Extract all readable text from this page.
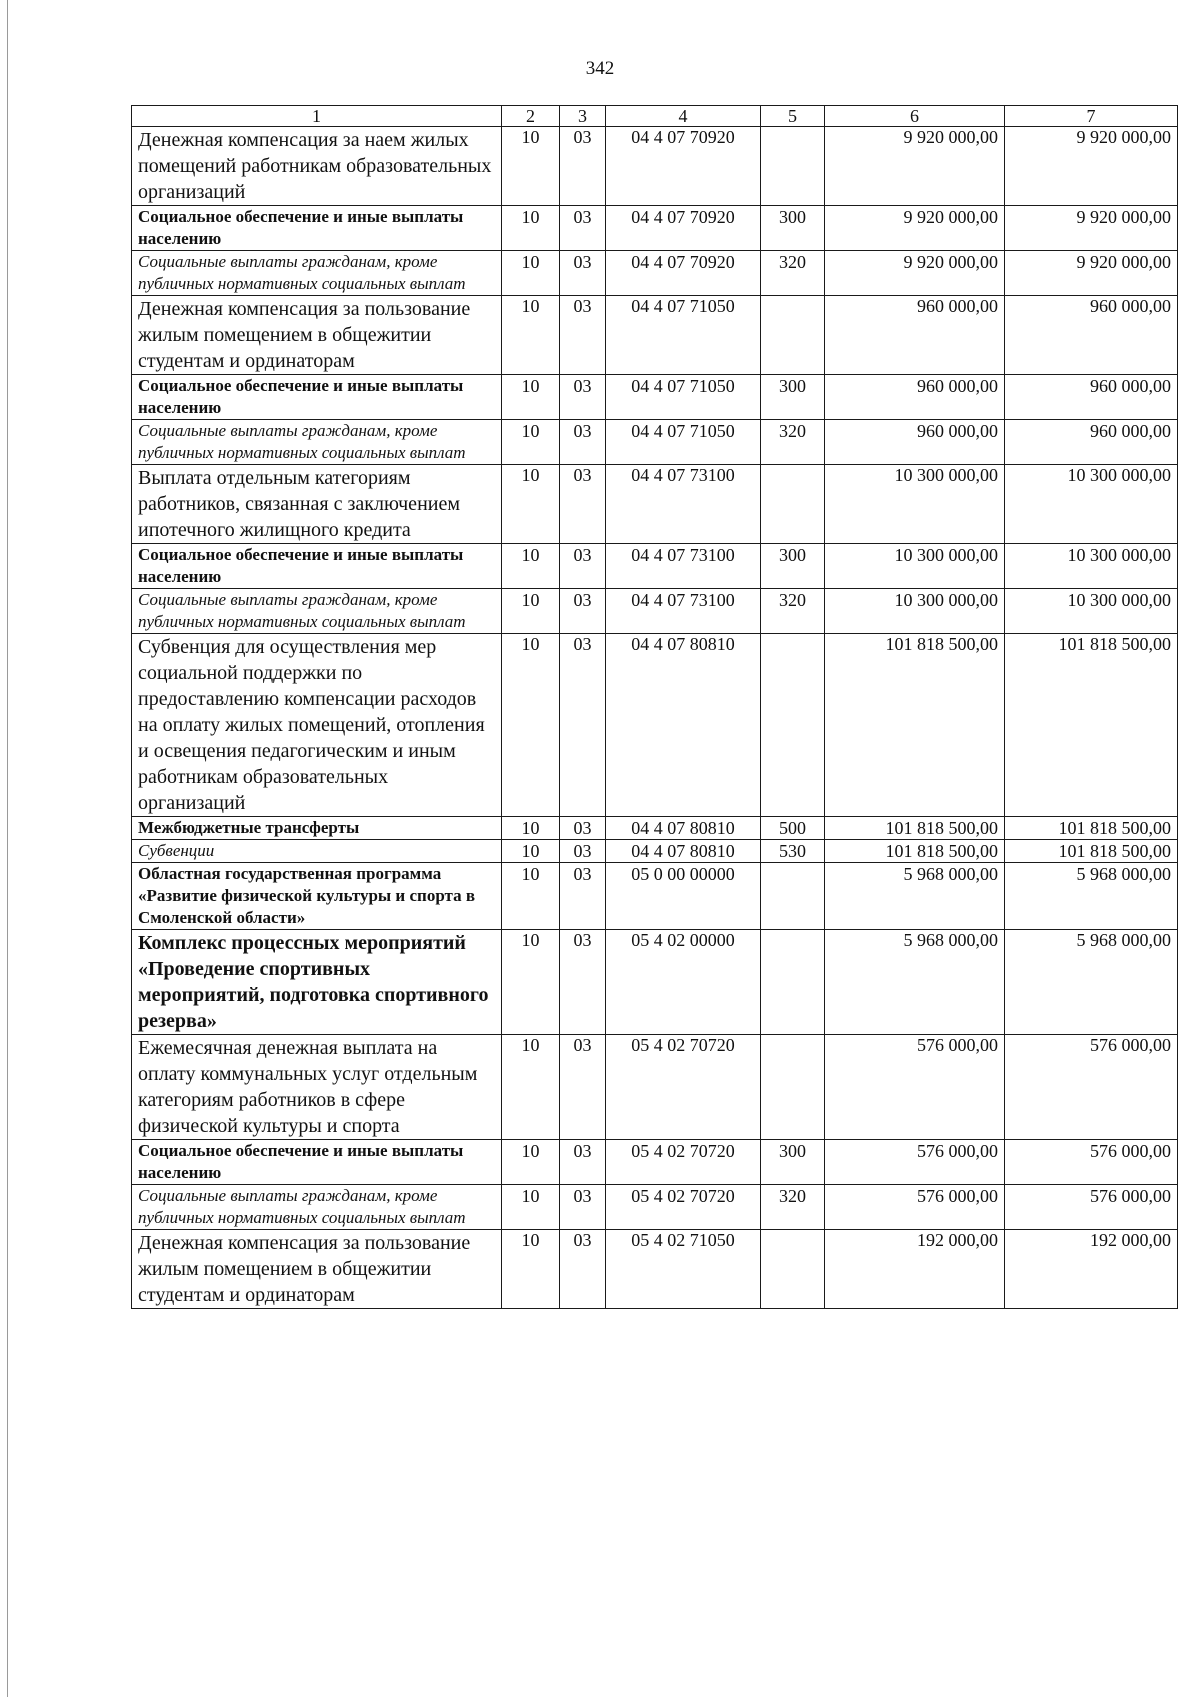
342
1	2	3	4	5	6	7
Денежная компенсация за наем жилых помещений работникам образовательных организаций	10	03	04 4 07 70920		9 920 000,00	9 920 000,00
Социальное обеспечение и иные выплаты населению	10	03	04 4 07 70920	300	9 920 000,00	9 920 000,00
Социальные выплаты гражданам, кроме публичных нормативных социальных выплат	10	03	04 4 07 70920	320	9 920 000,00	9 920 000,00
Денежная компенсация за пользование жилым помещением в общежитии студентам и ординаторам	10	03	04 4 07 71050		960 000,00	960 000,00
Социальное обеспечение и иные выплаты населению	10	03	04 4 07 71050	300	960 000,00	960 000,00
Социальные выплаты гражданам, кроме публичных нормативных социальных выплат	10	03	04 4 07 71050	320	960 000,00	960 000,00
Выплата отдельным категориям работников, связанная с заключением ипотечного жилищного кредита	10	03	04 4 07 73100		10 300 000,00	10 300 000,00
Социальное обеспечение и иные выплаты населению	10	03	04 4 07 73100	300	10 300 000,00	10 300 000,00
Социальные выплаты гражданам, кроме публичных нормативных социальных выплат	10	03	04 4 07 73100	320	10 300 000,00	10 300 000,00
Субвенция для осуществления мер социальной поддержки по предоставлению компенсации расходов на оплату жилых помещений, отопления и освещения педагогическим и иным работникам образовательных организаций	10	03	04 4 07 80810		101 818 500,00	101 818 500,00
Межбюджетные трансферты	10	03	04 4 07 80810	500	101 818 500,00	101 818 500,00
Субвенции	10	03	04 4 07 80810	530	101 818 500,00	101 818 500,00
Областная государственная программа «Развитие физической культуры и спорта в Смоленской области»	10	03	05 0 00 00000		5 968 000,00	5 968 000,00
Комплекс процессных мероприятий «Проведение спортивных мероприятий, подготовка спортивного резерва»	10	03	05 4 02 00000		5 968 000,00	5 968 000,00
Ежемесячная денежная выплата на оплату коммунальных услуг отдельным категориям работников в сфере физической культуры и спорта	10	03	05 4 02 70720		576 000,00	576 000,00
Социальное обеспечение и иные выплаты населению	10	03	05 4 02 70720	300	576 000,00	576 000,00
Социальные выплаты гражданам, кроме публичных нормативных социальных выплат	10	03	05 4 02 70720	320	576 000,00	576 000,00
Денежная компенсация за пользование жилым помещением в общежитии студентам и ординаторам	10	03	05 4 02 71050		192 000,00	192 000,00
